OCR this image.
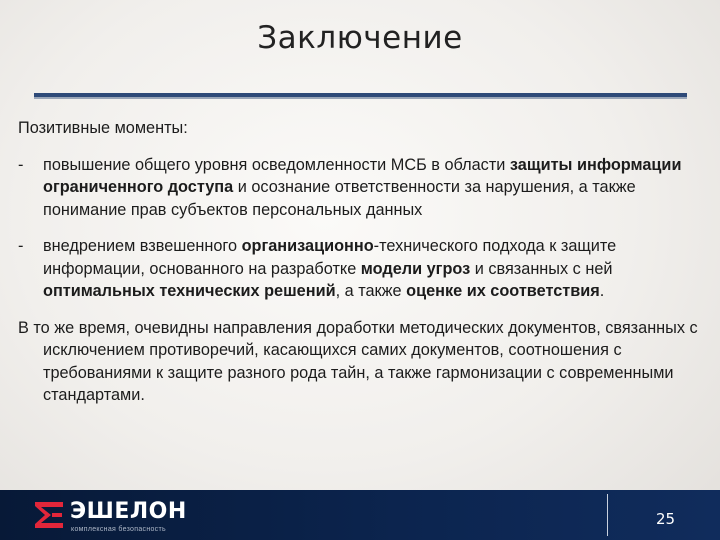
Заключение
Позитивные моменты:
- повышение общего уровня осведомленности МСБ в области защиты информации ограниченного доступа и осознание ответственности за нарушения, а также понимание прав субъектов персональных данных
- внедрением взвешенного организационно-технического подхода к защите информации, основанного на разработке модели угроз и связанных с ней оптимальных технических решений, а также оценке их соответствия.
В то же время, очевидны направления доработки методических документов, связанных с исключением противоречий, касающихся самих документов, соотношения с требованиями к защите разного рода тайн, а также гармонизации с современными стандартами.
ЭШЕЛОН
комплексная безопасность
25
